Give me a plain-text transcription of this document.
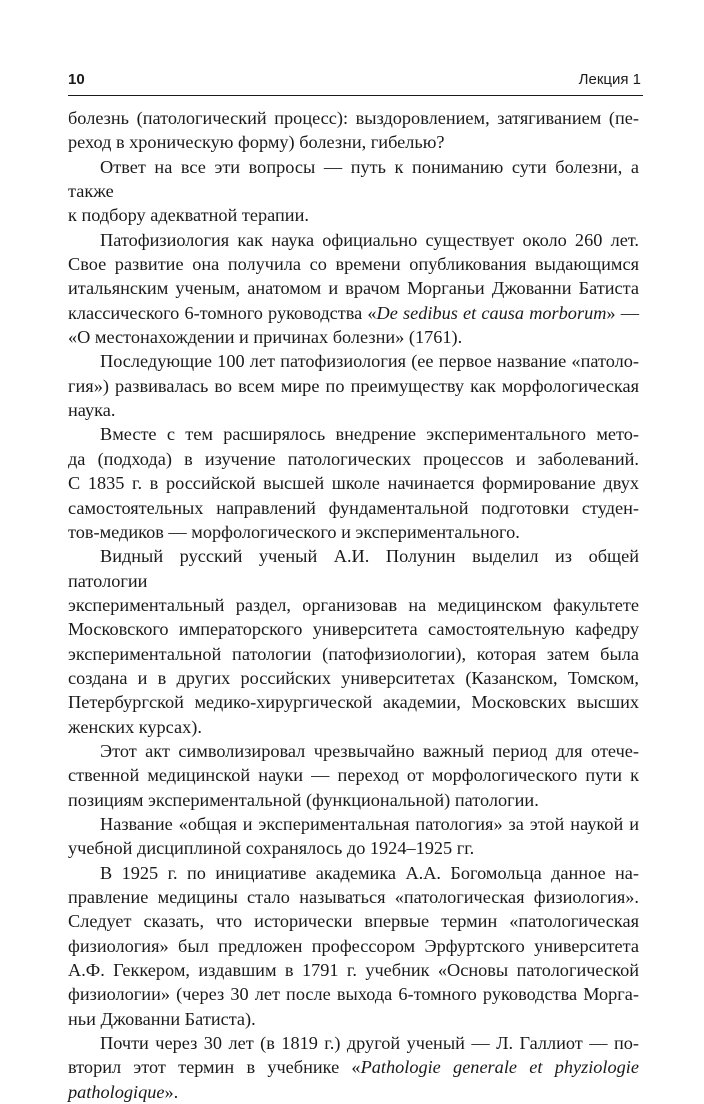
10	Лекция 1
болезнь (патологический процесс): выздоровлением, затягиванием (пе-
реход в хроническую форму) болезни, гибелью?
Ответ на все эти вопросы — путь к пониманию сути болезни, а также
к подбору адекватной терапии.
Патофизиология как наука официально существует около 260 лет.
Свое развитие она получила со времени опубликования выдающимся
итальянским ученым, анатомом и врачом Морганьи Джованни Батиста
классического 6-томного руководства «De sedibus et causa morborum» —
«О местонахождении и причинах болезни» (1761).
Последующие 100 лет патофизиология (ее первое название «патоло-
гия») развивалась во всем мире по преимуществу как морфологическая
наука.
Вместе с тем расширялось внедрение экспериментального мето-
да (подхода) в изучение патологических процессов и заболеваний.
С 1835 г. в российской высшей школе начинается формирование двух
самостоятельных направлений фундаментальной подготовки студен-
тов-медиков — морфологического и экспериментального.
Видный русский ученый А.И. Полунин выделил из общей патологии
экспериментальный раздел, организовав на медицинском факультете
Московского императорского университета самостоятельную кафедру
экспериментальной патологии (патофизиологии), которая затем была
создана и в других российских университетах (Казанском, Томском,
Петербургской медико-хирургической академии, Московских высших
женских курсах).
Этот акт символизировал чрезвычайно важный период для отече-
ственной медицинской науки — переход от морфологического пути к
позициям экспериментальной (функциональной) патологии.
Название «общая и экспериментальная патология» за этой наукой и
учебной дисциплиной сохранялось до 1924–1925 гг.
В 1925 г. по инициативе академика А.А. Богомольца данное на-
правление медицины стало называться «патологическая физиология».
Следует сказать, что исторически впервые термин «патологическая
физиология» был предложен профессором Эрфуртского университета
А.Ф. Геккером, издавшим в 1791 г. учебник «Основы патологической
физиологии» (через 30 лет после выхода 6-томного руководства Морга-
ньи Джованни Батиста).
Почти через 30 лет (в 1819 г.) другой ученый — Л. Галлиот — по-
вторил этот термин в учебнике «Pathologie generale et phyziologie
pathologique».
